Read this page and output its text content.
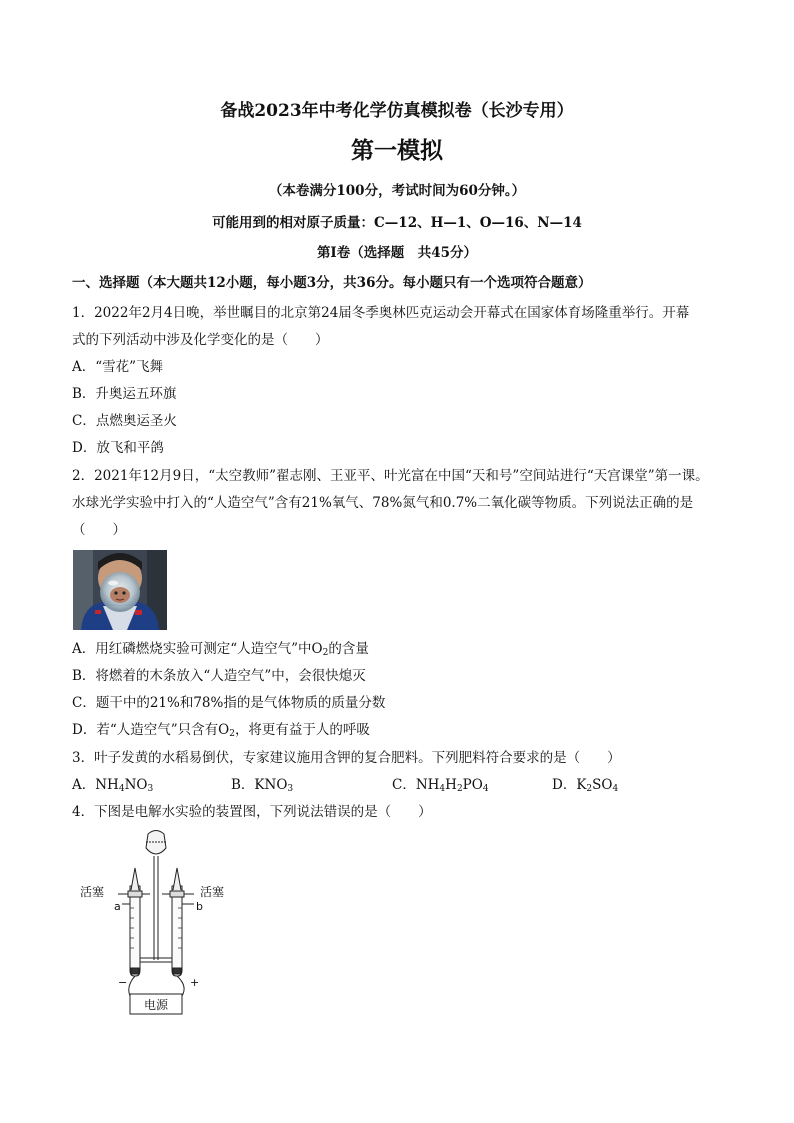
备战2023年中考化学仿真模拟卷（长沙专用）
第一模拟
（本卷满分100分，考试时间为60分钟。）
可能用到的相对原子质量：C—12、H—1、O—16、N—14
第I卷（选择题　共45分）
一、选择题（本大题共12小题，每小题3分，共36分。每小题只有一个选项符合题意）
1．2022年2月4日晚，举世瞩目的北京第24届冬季奥林匹克运动会开幕式在国家体育场隆重举行。开幕
式的下列活动中涉及化学变化的是（　　）
A．“雪花”飞舞
B．升奥运五环旗
C．点燃奥运圣火
D．放飞和平鸽
2．2021年12月9日，“太空教师”翟志刚、王亚平、叶光富在中国“天和号”空间站进行“天宫课堂”第一课。
水球光学实验中打入的“人造空气”含有21%氧气、78%氮气和0.7%二氧化碳等物质。下列说法正确的是
（　　）
A．用红磷燃烧实验可测定“人造空气”中$O_2$的含量
B．将燃着的木条放入“人造空气”中，会很快熄灭
C．题干中的21%和78%指的是气体物质的质量分数
D．若“人造空气”只含有$O_2$，将更有益于人的呼吸
3．叶子发黄的水稻易倒伏，专家建议施用含钾的复合肥料。下列肥料符合要求的是（　　）
A．$NH_4NO_3$	B．$KNO_3$	C．$NH_4H_2PO_4$	D．$K_2SO_4$
4．下图是电解水实验的装置图，下列说法错误的是（　　）
活塞	活塞
a	b
−	+
电源
